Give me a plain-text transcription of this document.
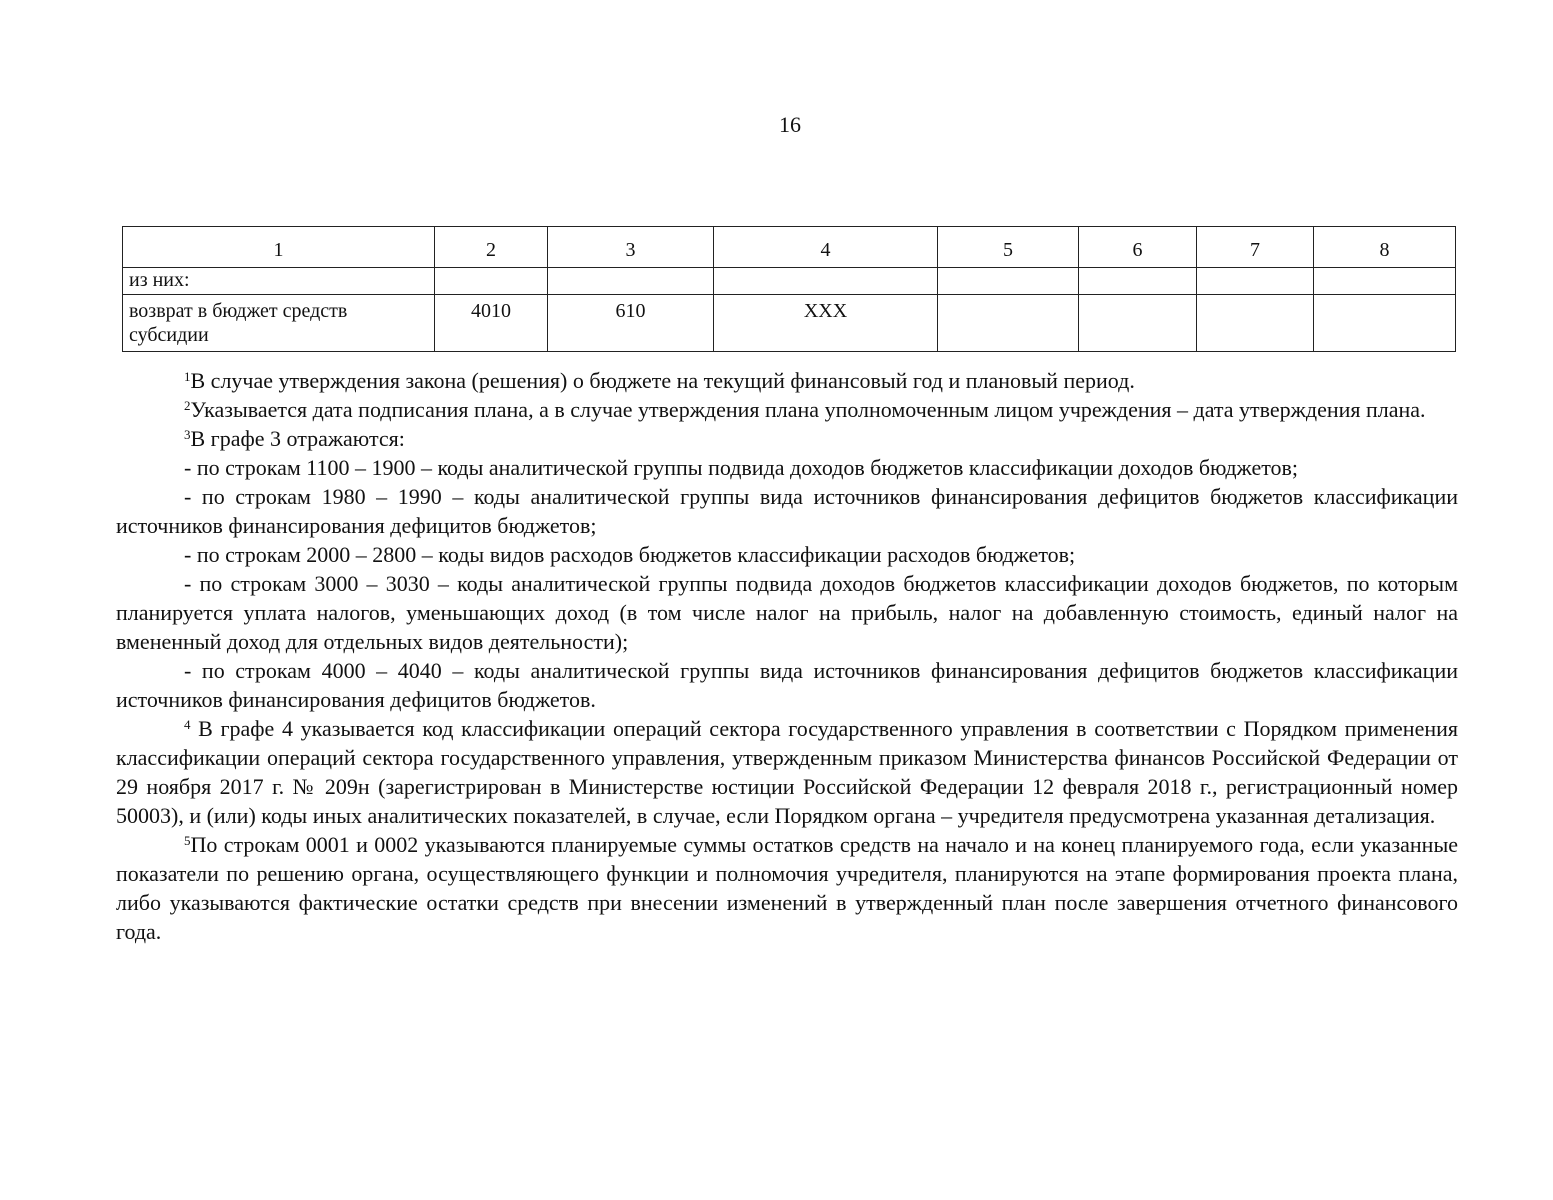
16
1	2	3	4	5	6	7	8
из них:							
возврат в бюджет средств субсидии	4010	610	ХХХ				

$^1$В случае утверждения закона (решения) о бюджете на текущий финансовый год и плановый период.

$^2$Указывается дата подписания плана, а в случае утверждения плана уполномоченным лицом учреждения – дата утверждения плана.

$^3$В графе 3 отражаются:

- по строкам 1100 – 1900 – коды аналитической группы подвида доходов бюджетов классификации доходов бюджетов;

- по строкам 1980 – 1990 – коды аналитической группы вида источников финансирования дефицитов бюджетов классификации источников финансирования дефицитов бюджетов;

- по строкам 2000 – 2800 – коды видов расходов бюджетов классификации расходов бюджетов;

- по строкам 3000 – 3030 – коды аналитической группы подвида доходов бюджетов классификации доходов бюджетов, по которым планируется уплата налогов, уменьшающих доход (в том числе налог на прибыль, налог на добавленную стоимость, единый налог на вмененный доход для отдельных видов деятельности);

- по строкам 4000 – 4040 – коды аналитической группы вида источников финансирования дефицитов бюджетов классификации источников финансирования дефицитов бюджетов.

$^4$ В графе 4 указывается код классификации операций сектора государственного управления в соответствии с Порядком применения классификации операций сектора государственного управления, утвержденным приказом Министерства финансов Российской Федерации от 29 ноября 2017 г. № 209н (зарегистрирован в Министерстве юстиции Российской Федерации 12 февраля 2018 г., регистрационный номер 50003), и (или) коды иных аналитических показателей, в случае, если Порядком органа – учредителя предусмотрена указанная детализация.

$^5$По строкам 0001 и 0002 указываются планируемые суммы остатков средств на начало и на конец планируемого года, если указанные показатели по решению органа, осуществляющего функции и полномочия учредителя, планируются на этапе формирования проекта плана, либо указываются фактические остатки средств при внесении изменений в утвержденный план после завершения отчетного финансового года.
